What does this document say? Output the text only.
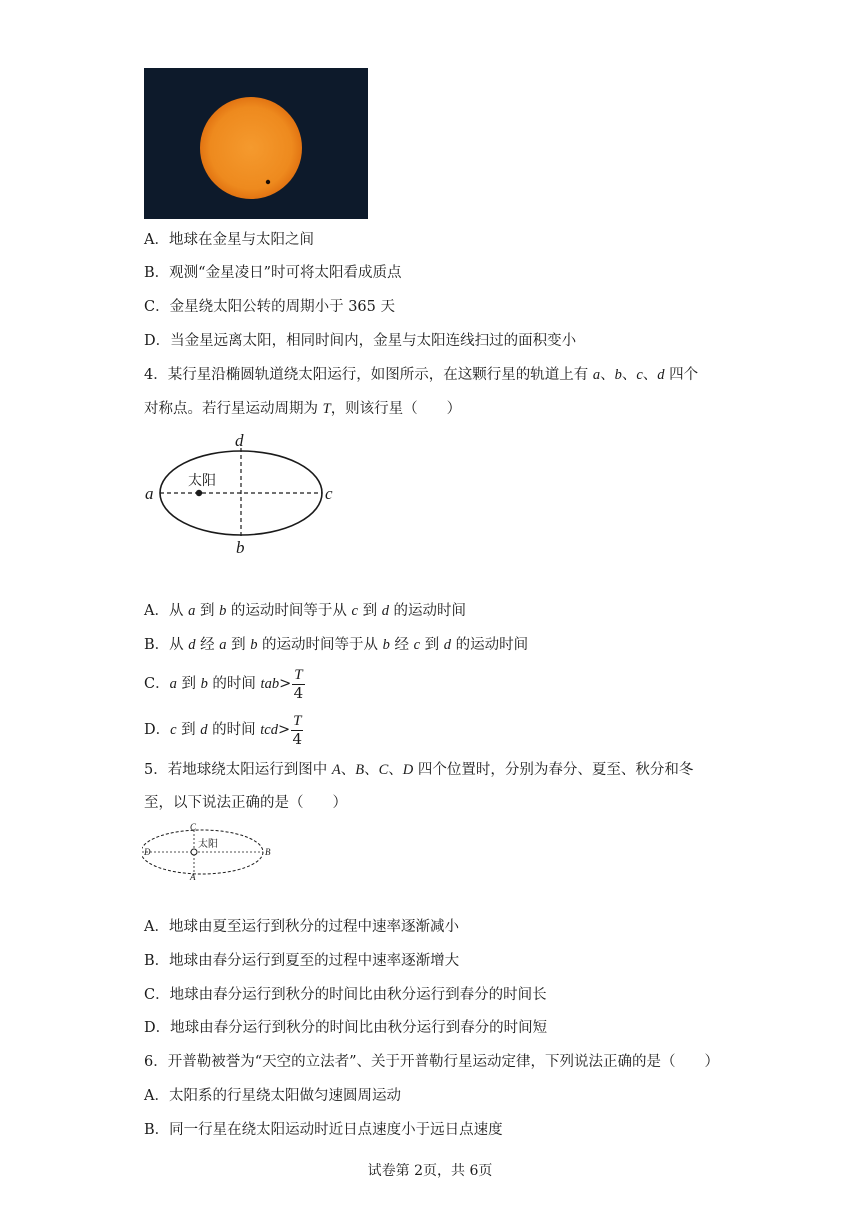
A．地球在金星与太阳之间
B．观测“金星凌日”时可将太阳看成质点
C．金星绕太阳公转的周期小于 365 天
D．当金星远离太阳，相同时间内，金星与太阳连线扫过的面积变小
4．某行星沿椭圆轨道绕太阳运行，如图所示，在这颗行星的轨道上有 a、b、c、d 四个
对称点。若行星运动周期为 T，则该行星（　　）
太阳
a	c
d
b
A．从 a 到 b 的运动时间等于从 c 到 d 的运动时间
B．从 d 经 a 到 b 的运动时间等于从 b 经 c 到 d 的运动时间
C．a 到 b 的时间 $tab> \frac{T}{4}$
D．c 到 d 的时间 $tcd> \frac{T}{4}$
5．若地球绕太阳运行到图中 A、B、C、D 四个位置时，分别为春分、夏至、秋分和冬
至，以下说法正确的是（　　）
太阳
C
D	B
A
A．地球由夏至运行到秋分的过程中速率逐渐减小
B．地球由春分运行到夏至的过程中速率逐渐增大
C．地球由春分运行到秋分的时间比由秋分运行到春分的时间长
D．地球由春分运行到秋分的时间比由秋分运行到春分的时间短
6．开普勒被誉为“天空的立法者”、关于开普勒行星运动定律，下列说法正确的是（　　）
A．太阳系的行星绕太阳做匀速圆周运动
B．同一行星在绕太阳运动时近日点速度小于远日点速度
试卷第 2页，共 6页
